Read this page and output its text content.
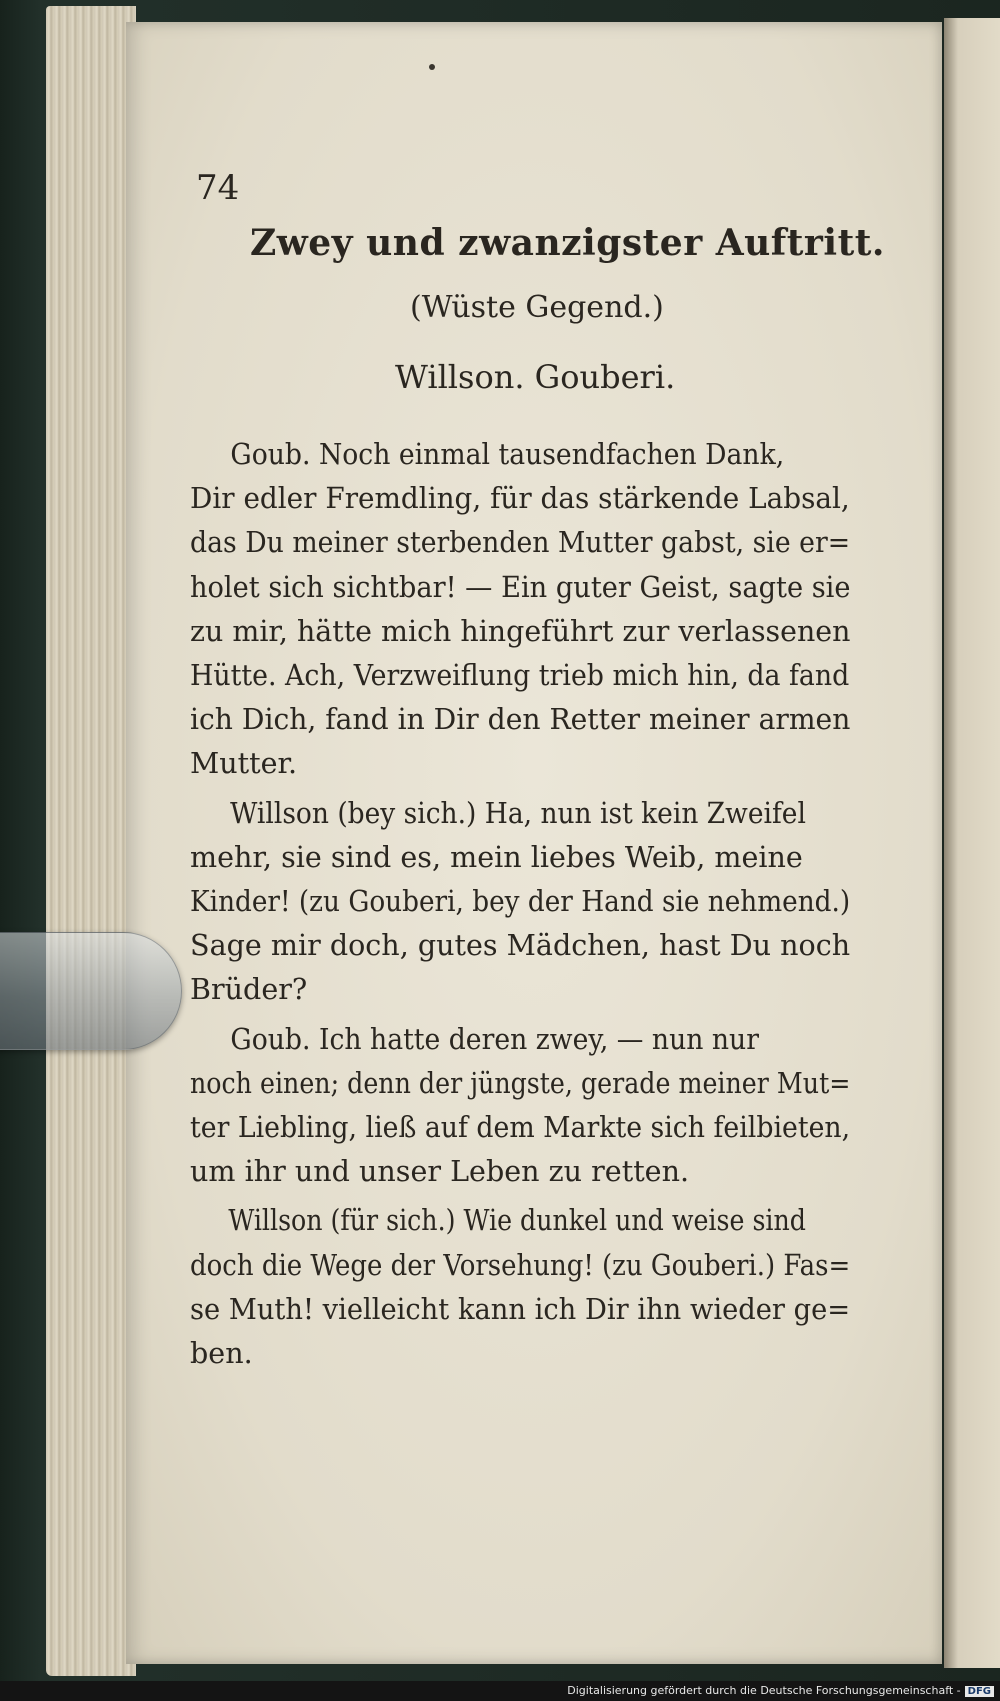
74
Zwey und zwanzigster Auftritt.
(Wüste Gegend.)
Willson. Gouberi.
Goub. Noch einmal tausendfachen Dank,
Dir edler Fremdling, für das stärkende Labsal,
das Du meiner sterbenden Mutter gabst, sie er=
holet sich sichtbar! — Ein guter Geist, sagte sie
zu mir, hätte mich hingeführt zur verlassenen
Hütte. Ach, Verzweiflung trieb mich hin, da fand
ich Dich, fand in Dir den Retter meiner armen
Mutter.
Willson (bey sich.) Ha, nun ist kein Zweifel
mehr, sie sind es, mein liebes Weib, meine
Kinder! (zu Gouberi, bey der Hand sie nehmend.)
Sage mir doch, gutes Mädchen, hast Du noch
Brüder?
Goub. Ich hatte deren zwey, — nun nur
noch einen; denn der jüngste, gerade meiner Mut=
ter Liebling, ließ auf dem Markte sich feilbieten,
um ihr und unser Leben zu retten.
Willson (für sich.) Wie dunkel und weise sind
doch die Wege der Vorsehung! (zu Gouberi.) Fas=
se Muth! vielleicht kann ich Dir ihn wieder ge=
ben.
Digitalisierung gefördert durch die Deutsche Forschungsgemeinschaft - DFG
